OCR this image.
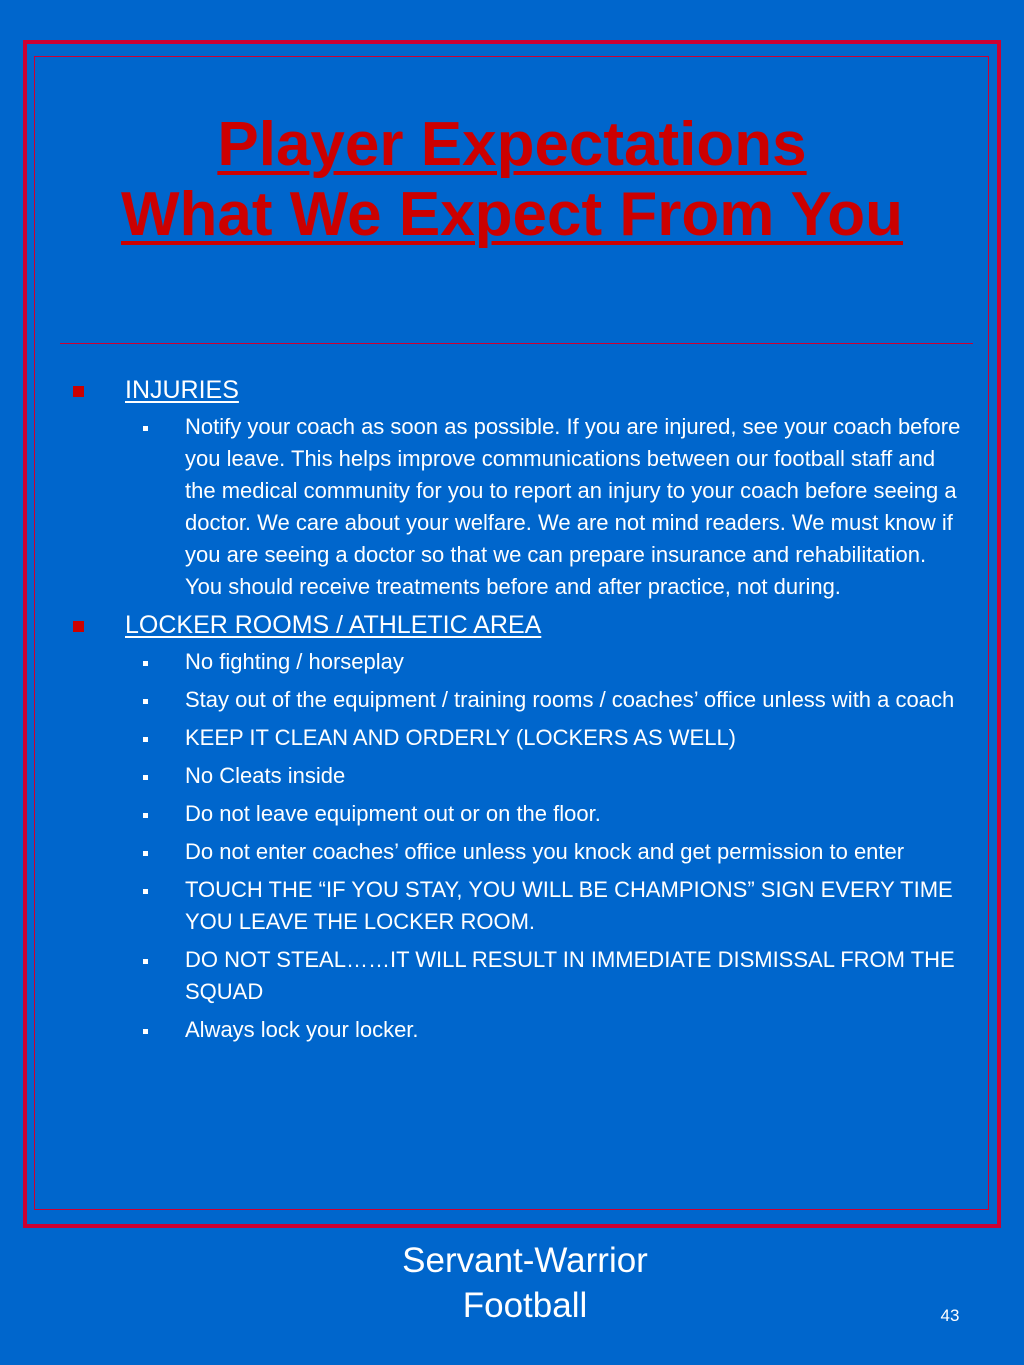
Player Expectations
What We Expect From You
INJURIES
Notify your coach as soon as possible. If you are injured, see your coach before you leave. This helps improve communications between our football staff and the medical community for you to report an injury to your coach before seeing a doctor. We care about your welfare. We are not mind readers. We must know if you are seeing a doctor so that we can prepare insurance and rehabilitation. You should receive treatments before and after practice, not during.
LOCKER ROOMS / ATHLETIC AREA
No fighting / horseplay
Stay out of the equipment / training rooms / coaches’ office unless with a coach
KEEP IT CLEAN AND ORDERLY (LOCKERS AS WELL)
No Cleats inside
Do not leave equipment out or on the floor.
Do not enter coaches’ office unless you knock and get permission to enter
TOUCH THE “IF YOU STAY, YOU WILL BE CHAMPIONS” SIGN EVERY TIME YOU LEAVE THE LOCKER ROOM.
DO NOT STEAL……IT WILL RESULT IN IMMEDIATE DISMISSAL FROM THE SQUAD
Always lock your locker.
Servant-Warrior
Football	43
